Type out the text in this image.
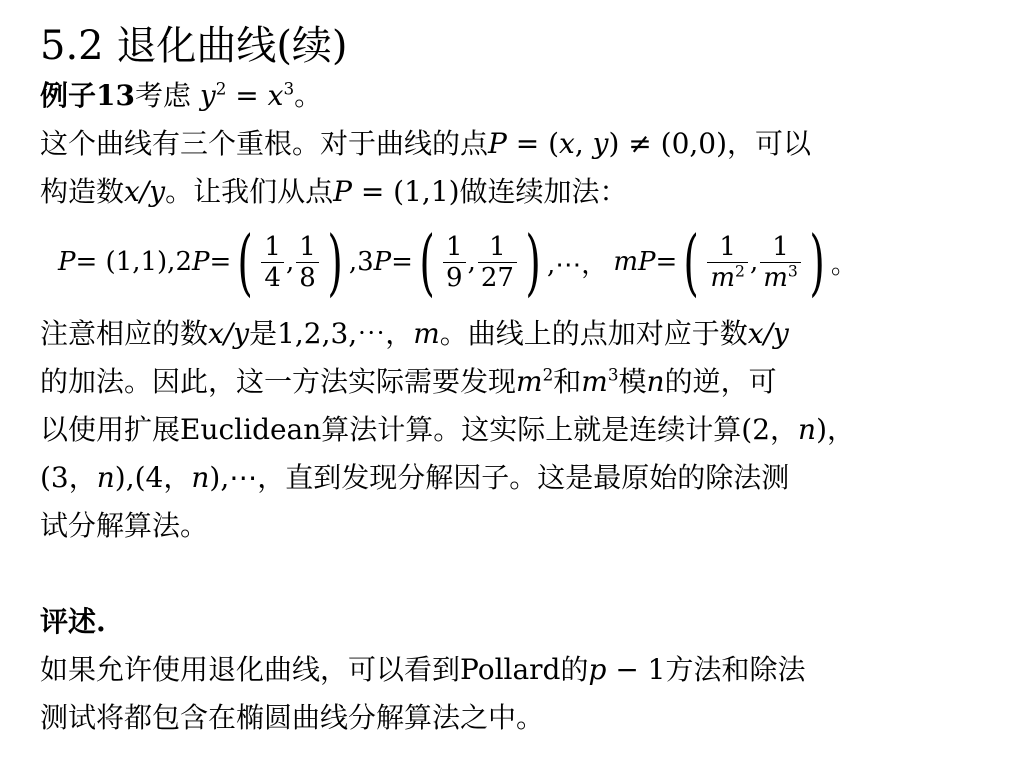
5.2 退化曲线(续)
例子13考虑 $y^2 = x^3$。
这个曲线有三个重根。对于曲线的点P = (x, y) ≠ (0,0)，可以
构造数x/y。让我们从点P = (1,1)做连续加法：
P = (1,1),2 P = ( $\frac{1}{4}$ , $\frac{1}{8}$ ) ,3 P = ( $\frac{1}{9}$ , $\frac{1}{27}$ ) ,⋯， mP = ( $\frac{1}{m^2}$ , $\frac{1}{m^3}$ ) 。
注意相应的数x/y是1,2,3,⋯，m。曲线上的点加对应于数x/y
的加法。因此，这一方法实际需要发现$m^2$和$m^3$模n的逆，可
以使用扩展Euclidean算法计算。这实际上就是连续计算(2，n)，
(3，n),(4，n),⋯，直到发现分解因子。这是最原始的除法测
试分解算法。
评述.
如果允许使用退化曲线，可以看到Pollard的p − 1方法和除法
测试将都包含在椭圆曲线分解算法之中。
